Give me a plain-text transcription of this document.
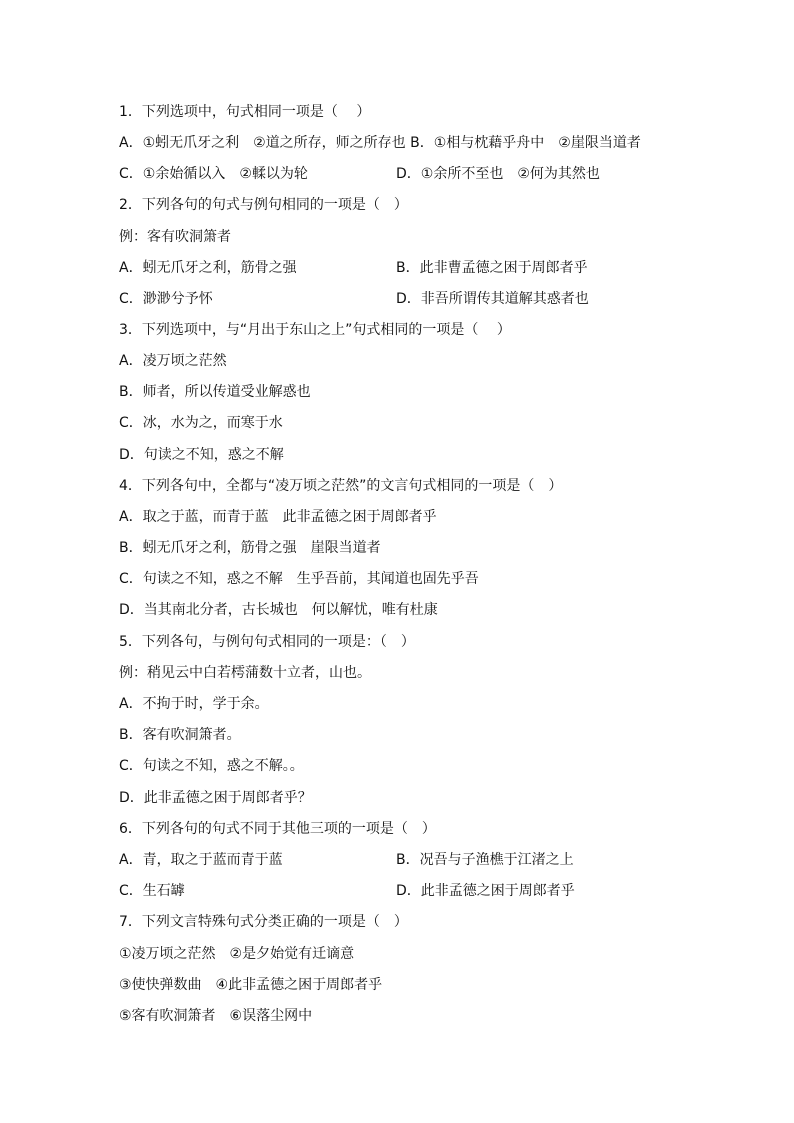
1．下列选项中，句式相同一项是（　 ）
A．①蚓无爪牙之利　②道之所存，师之所存也 B．①相与枕藉乎舟中　②崖限当道者
C．①余始循以入　②輮以为轮	D．①余所不至也　②何为其然也
2．下列各句的句式与例句相同的一项是（　）
例：客有吹洞箫者
A．蚓无爪牙之利，筋骨之强	B．此非曹孟德之困于周郎者乎
C．渺渺兮予怀	D．非吾所谓传其道解其惑者也
3．下列选项中，与“月出于东山之上”句式相同的一项是（　 ）
A．凌万顷之茫然
B．师者，所以传道受业解惑也
C．冰，水为之，而寒于水
D．句读之不知，惑之不解
4．下列各句中，全都与“凌万顷之茫然”的文言句式相同的一项是（　）
A．取之于蓝，而青于蓝　此非孟德之困于周郎者乎
B．蚓无爪牙之利，筋骨之强　崖限当道者
C．句读之不知，惑之不解　生乎吾前，其闻道也固先乎吾
D．当其南北分者，古长城也　何以解忧，唯有杜康
5．下列各句，与例句句式相同的一项是：（　）
例：稍见云中白若樗蒲数十立者，山也。
A．不拘于时，学于余。
B．客有吹洞箫者。
C．句读之不知，惑之不解。。
D．此非孟德之困于周郎者乎？
6．下列各句的句式不同于其他三项的一项是（　）
A．青，取之于蓝而青于蓝	B．况吾与子渔樵于江渚之上
C．生石罅	D．此非孟德之困于周郎者乎
7．下列文言特殊句式分类正确的一项是（　）
①凌万顷之茫然　②是夕始觉有迁谪意
③使快弹数曲　④此非孟德之困于周郎者乎
⑤客有吹洞箫者　⑥误落尘网中
